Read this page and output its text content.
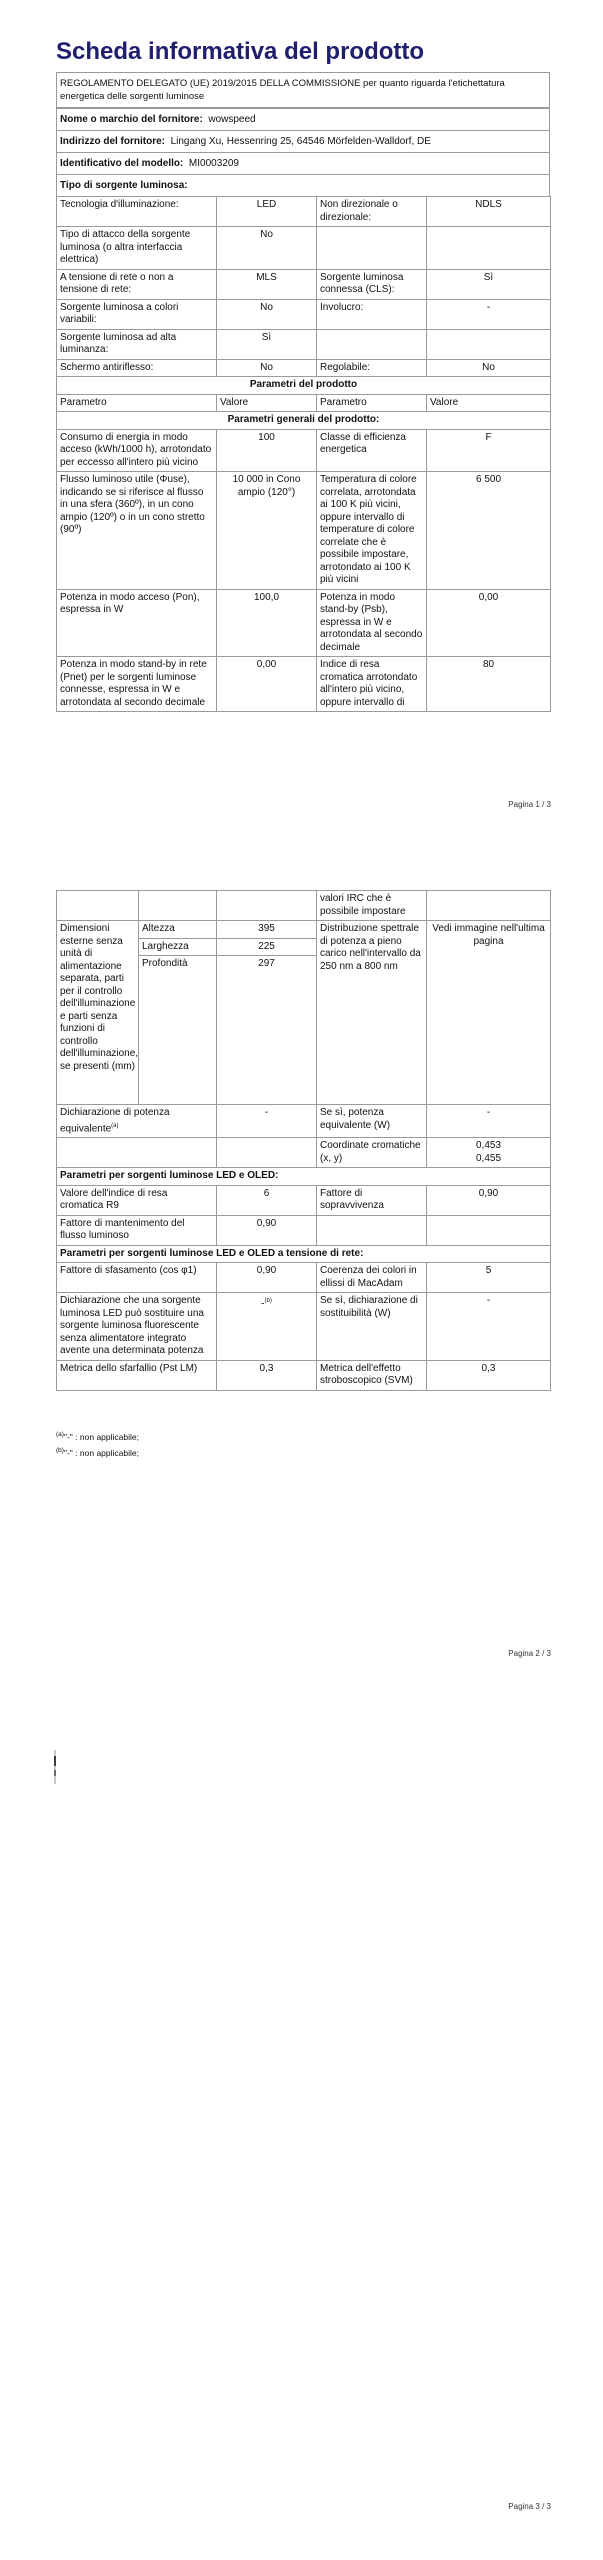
Scheda informativa del prodotto
REGOLAMENTO DELEGATO (UE) 2019/2015 DELLA COMMISSIONE per quanto riguarda l'etichettatura energetica delle sorgenti luminose
Nome o marchio del fornitore: wowspeed
Indirizzo del fornitore: Lingang Xu, Hessenring 25, 64546 Mörfelden-Walldorf, DE
Identificativo del modello: MI0003209
Tipo di sorgente luminosa:
Tecnologia d'illuminazione:	LED	Non direzionale o direzionale:	NDLS
Tipo di attacco della sorgente luminosa (o altra interfaccia elettrica)	No		
A tensione di rete o non a tensione di rete:	MLS	Sorgente luminosa connessa (CLS):	Sì
Sorgente luminosa a colori variabili:	No	Involucro:	-
Sorgente luminosa ad alta luminanza:	Sì		
Schermo antiriflesso:	No	Regolabile:	No
Parametri del prodotto			
Parametro	Valore	Parametro	Valore
Parametri generali del prodotto:			
Consumo di energia in modo acceso (kWh/1000 h), arrotondato per eccesso all'intero più vicino	100	Classe di efficienza energetica	F
Flusso luminoso utile (Φuse), indicando se si riferisce al flusso in una sfera (360º), in un cono ampio (120º) o in un cono stretto (90º)	10 000 in Cono ampio (120°)	Temperatura di colore correlata, arrotondata ai 100 K più vicini, oppure intervallo di temperature di colore correlate che è possibile impostare, arrotondato ai 100 K più vicini	6 500
Potenza in modo acceso (Pon), espressa in W	100,0	Potenza in modo stand-by (Psb), espressa in W e arrotondata al secondo decimale	0,00
Potenza in modo stand-by in rete (Pnet) per le sorgenti luminose connesse, espressa in W e arrotondata al secondo decimale	0,00	Indice di resa cromatica arrotondato all'intero più vicino, oppure intervallo di	80
Pagina 1 / 3
			valori IRC che è possibile impostare	
Dimensioni esterne senza unità di alimentazione separata, parti per il controllo dell'illuminazione e parti senza funzioni di controllo dell'illuminazione, se presenti (mm)	Altezza	395	Distribuzione spettrale di potenza a pieno carico nell'intervallo da 250 nm a 800 nm	Vedi immagine nell'ultima pagina
	Larghezza	225		
	Profondità	297		
Dichiarazione di potenza equivalente$^{(a)}$		-	Se sì, potenza equivalente (W)	-
			Coordinate cromatiche (x, y)	0,453
0,455

Parametri per sorgenti luminose LED e OLED:				
Valore dell'indice di resa cromatica R9		6	Fattore di sopravvivenza	0,90
Fattore di mantenimento del flusso luminoso		0,90		
Parametri per sorgenti luminose LED e OLED a tensione di rete:				
Fattore di sfasamento (cos φ1)		0,90	Coerenza dei colori in ellissi di MacAdam	5
Dichiarazione che una sorgente luminosa LED può sostituire una sorgente luminosa fluorescente senza alimentatore integrato avente una determinata potenza		-$^{(b)}$	Se sì, dichiarazione di sostituibilità (W)	-
Metrica dello sfarfallio (Pst LM)		0,3	Metrica dell'effetto stroboscopico (SVM)	0,3
$^{(a)}$"-" : non applicabile;
$^{(b)}$"-" : non applicabile;
Pagina 2 / 3
Pagina 3 / 3
